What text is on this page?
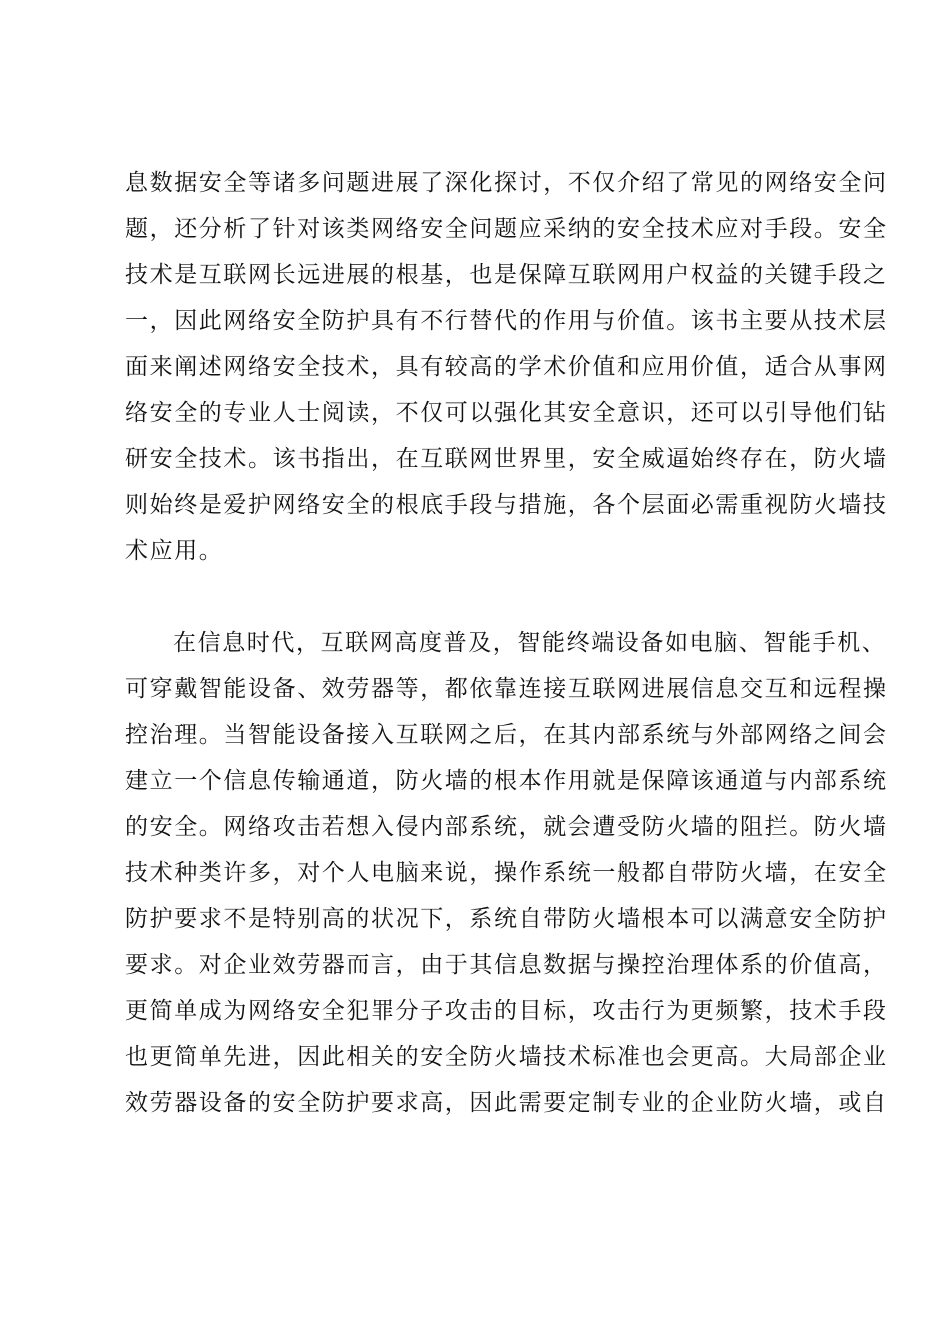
息数据安全等诸多问题进展了深化探讨，不仅介绍了常见的网络安全问
题，还分析了针对该类网络安全问题应采纳的安全技术应对手段。安全
技术是互联网长远进展的根基，也是保障互联网用户权益的关键手段之
一，因此网络安全防护具有不行替代的作用与价值。该书主要从技术层
面来阐述网络安全技术，具有较高的学术价值和应用价值，适合从事网
络安全的专业人士阅读，不仅可以强化其安全意识，还可以引导他们钻
研安全技术。该书指出，在互联网世界里，安全威逼始终存在，防火墙
则始终是爱护网络安全的根底手段与措施，各个层面必需重视防火墙技
术应用。
在信息时代，互联网高度普及，智能终端设备如电脑、智能手机、
可穿戴智能设备、效劳器等，都依靠连接互联网进展信息交互和远程操
控治理。当智能设备接入互联网之后，在其内部系统与外部网络之间会
建立一个信息传输通道，防火墙的根本作用就是保障该通道与内部系统
的安全。网络攻击若想入侵内部系统，就会遭受防火墙的阻拦。防火墙
技术种类许多，对个人电脑来说，操作系统一般都自带防火墙，在安全
防护要求不是特别高的状况下，系统自带防火墙根本可以满意安全防护
要求。对企业效劳器而言，由于其信息数据与操控治理体系的价值高，
更简单成为网络安全犯罪分子攻击的目标，攻击行为更频繁，技术手段
也更简单先进，因此相关的安全防火墙技术标准也会更高。大局部企业
效劳器设备的安全防护要求高，因此需要定制专业的企业防火墙，或自
